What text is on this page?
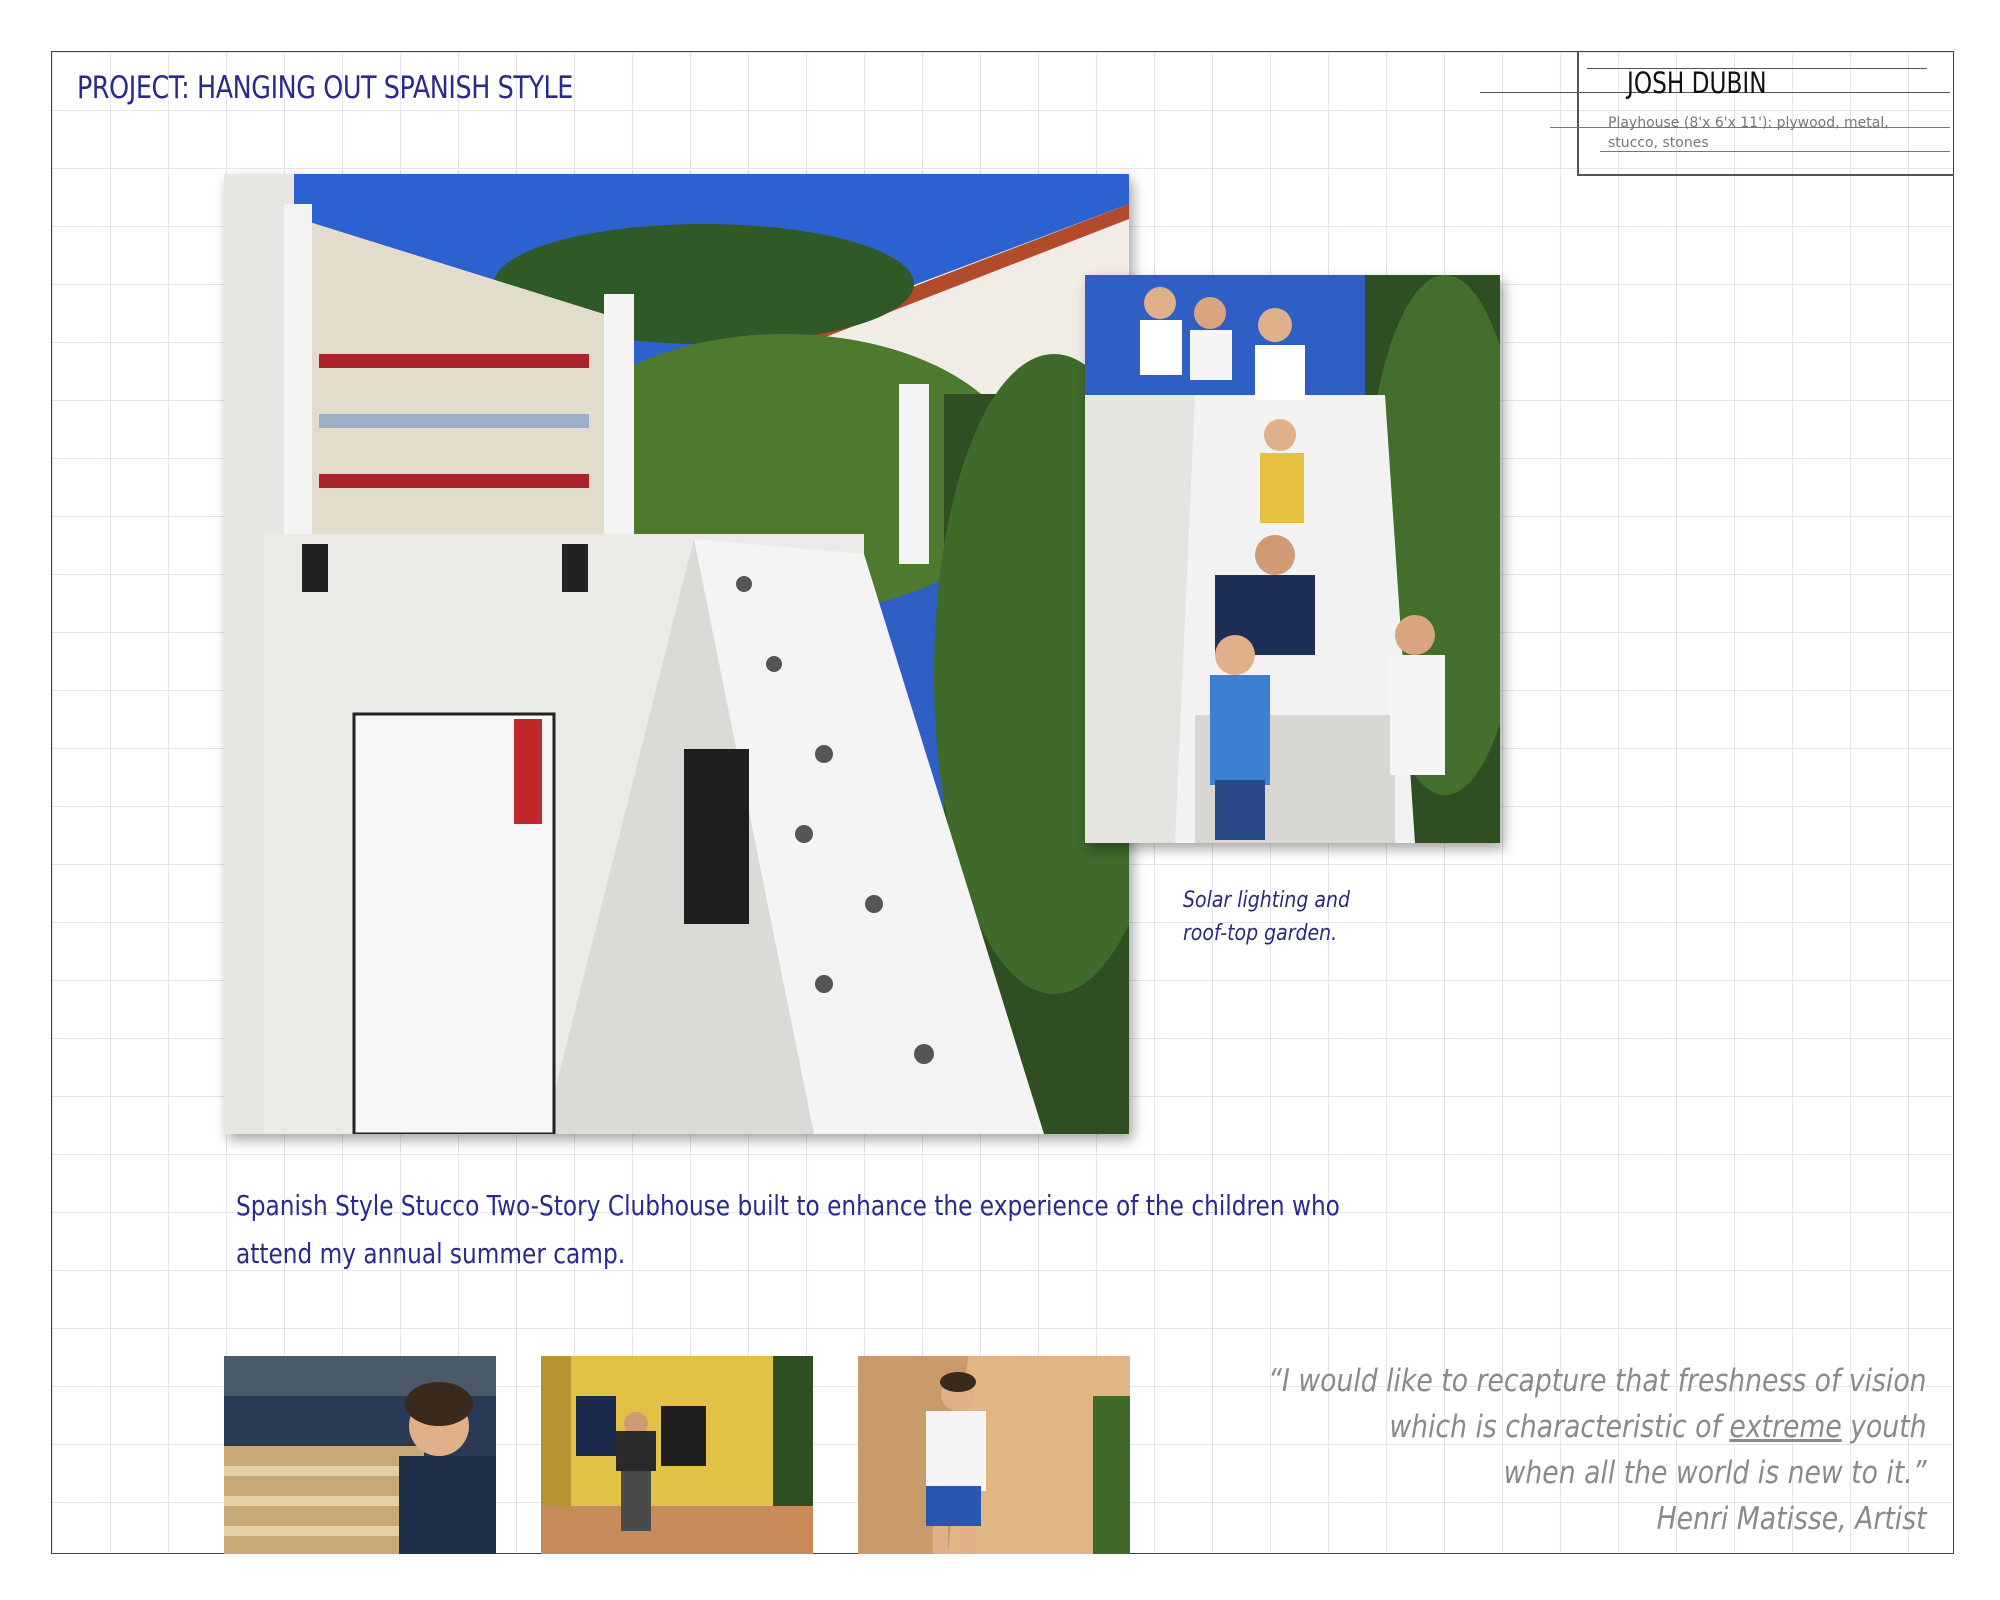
PROJECT: HANGING OUT SPANISH STYLE	JOSH DUBIN
Playhouse (8'x 6'x 11'): plywood, metal, stucco, stones
Solar lighting and
roof-top garden.
Spanish Style Stucco Two-Story Clubhouse built to enhance the experience of the children who
attend my annual summer camp.
“I would like to recapture that freshness of vision
which is characteristic of extreme youth
when all the world is new to it.”
Henri Matisse, Artist
